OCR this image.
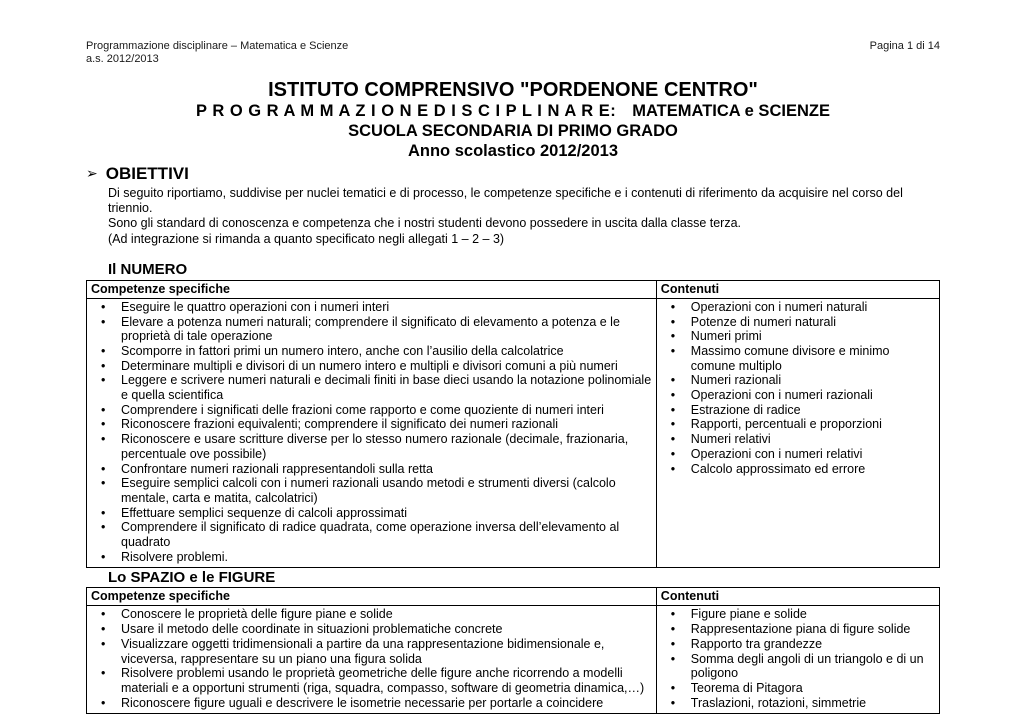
Programmazione disciplinare – Matematica e Scienze
a.s. 2012/2013
Pagina 1 di 14
ISTITUTO COMPRENSIVO "PORDENONE CENTRO"
P R O G R A M M A Z I O N E D I S C I P L I N A R E: MATEMATICA e SCIENZE
SCUOLA SECONDARIA DI PRIMO GRADO
Anno scolastico 2012/2013
➢ OBIETTIVI
Di seguito riportiamo, suddivise per nuclei tematici e di processo, le competenze specifiche e i contenuti di riferimento da acquisire nel corso del triennio.
Sono gli standard di conoscenza e competenza che i nostri studenti devono possedere in uscita dalla classe terza.
(Ad integrazione si rimanda a quanto specificato negli allegati 1 – 2 – 3)
Il NUMERO
Competenze specifiche	Contenuti

• Eseguire le quattro operazioni con i numeri interi
• Elevare a potenza numeri naturali; comprendere il significato di elevamento a potenza e le proprietà di tale operazione
• Scomporre in fattori primi un numero intero, anche con l’ausilio della calcolatrice
• Determinare multipli e divisori di un numero intero e multipli e divisori comuni a più numeri
• Leggere e scrivere numeri naturali e decimali finiti in base dieci usando la notazione polinomiale e quella scientifica
• Comprendere i significati delle frazioni come rapporto e come quoziente di numeri interi
• Riconoscere frazioni equivalenti; comprendere il significato dei numeri razionali
• Riconoscere e usare scritture diverse per lo stesso numero razionale (decimale, frazionaria, percentuale ove possibile)
• Confrontare numeri razionali rappresentandoli sulla retta
• Eseguire semplici calcoli con i numeri razionali usando metodi e strumenti diversi (calcolo mentale, carta e matita, calcolatrici)
• Effettuare semplici sequenze di calcoli approssimati
• Comprendere il significato di radice quadrata, come operazione inversa dell’elevamento al quadrato
• Risolvere problemi.

• Operazioni con i numeri naturali
• Potenze di numeri naturali
• Numeri primi
• Massimo comune divisore e minimo comune multiplo
• Numeri razionali
• Operazioni con i numeri razionali
• Estrazione di radice
• Rapporti, percentuali e proporzioni
• Numeri relativi
• Operazioni con i numeri relativi
• Calcolo approssimato ed errore
Lo SPAZIO e le FIGURE
Competenze specifiche	Contenuti

• Conoscere le proprietà delle figure piane e solide
• Usare il metodo delle coordinate in situazioni problematiche concrete
• Visualizzare oggetti tridimensionali a partire da una rappresentazione bidimensionale e, viceversa, rappresentare su un piano una figura solida
• Risolvere problemi usando le proprietà geometriche delle figure anche ricorrendo a modelli materiali e a opportuni strumenti (riga, squadra, compasso, software di geometria dinamica,…)
• Riconoscere figure uguali e descrivere le isometrie necessarie per portarle a coincidere

• Figure piane e solide
• Rappresentazione piana di figure solide
• Rapporto tra grandezze
• Somma degli angoli di un triangolo e di un poligono
• Teorema di Pitagora
• Traslazioni, rotazioni, simmetrie
